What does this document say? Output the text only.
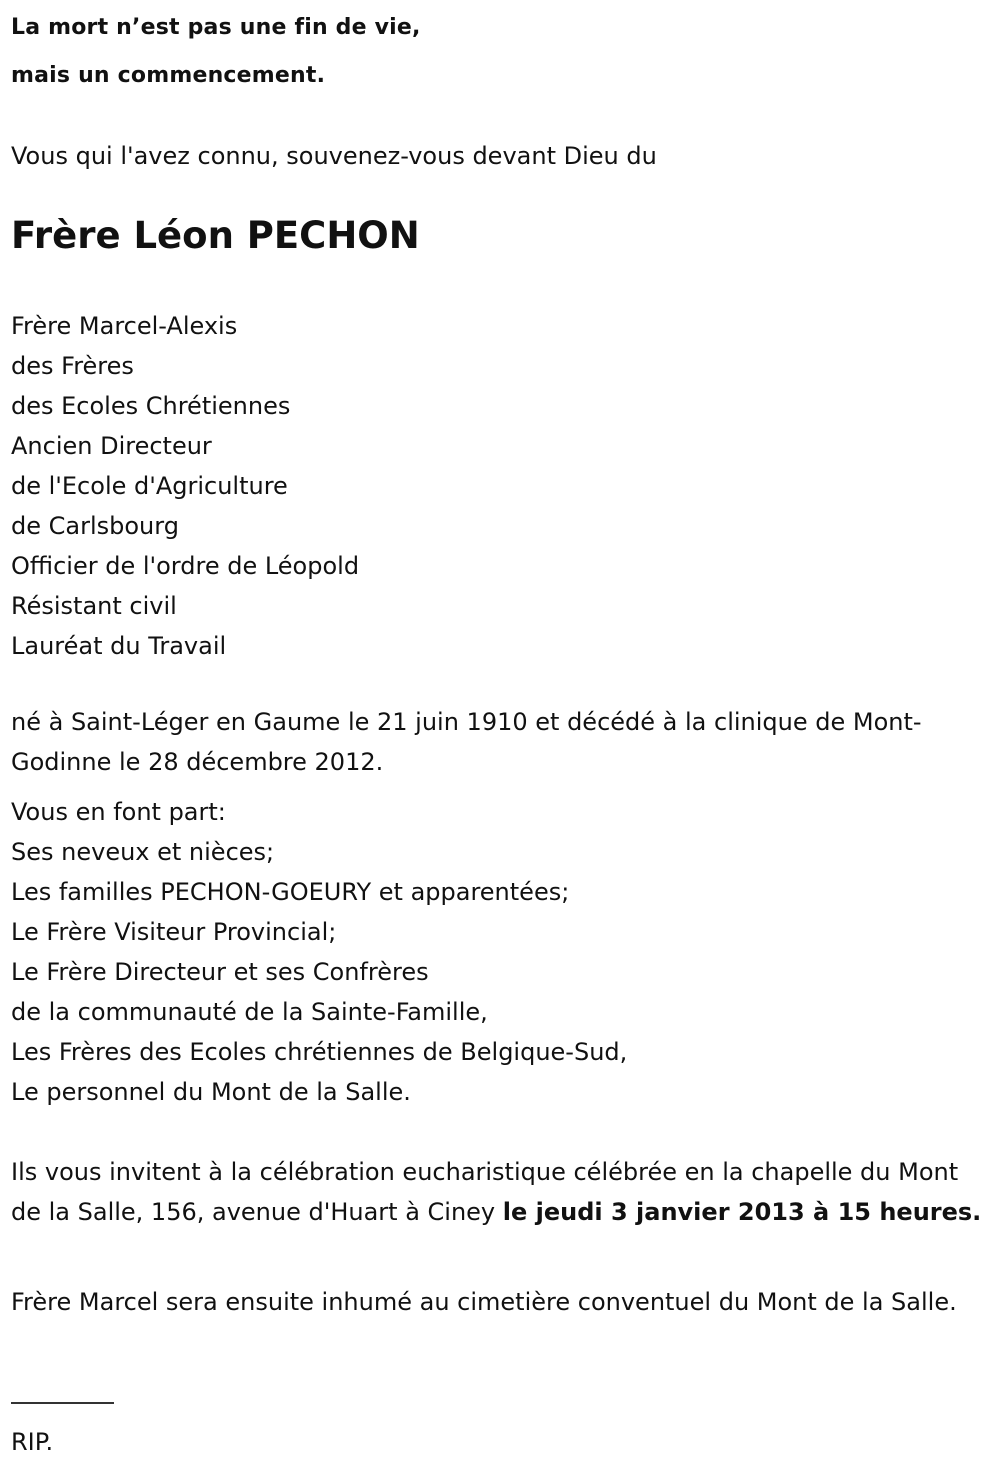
La mort n’est pas une fin de vie,

mais un commencement.

Vous qui l'avez connu, souvenez-vous devant Dieu du

Frère Léon PECHON
Frère Marcel-Alexis
des Frères
des Ecoles Chrétiennes
Ancien Directeur
de l'Ecole d'Agriculture
de Carlsbourg
Officier de l'ordre de Léopold
Résistant civil
Lauréat du Travail

né à Saint-Léger en Gaume le 21 juin 1910 et décédé à la clinique de Mont-Godinne le 28 décembre 2012.

Vous en font part:
Ses neveux et nièces;
Les familles PECHON-GOEURY et apparentées;
Le Frère Visiteur Provincial;
Le Frère Directeur et ses Confrères
de la communauté de la Sainte-Famille,
Les Frères des Ecoles chrétiennes de Belgique-Sud,
Le personnel du Mont de la Salle.

Ils vous invitent à la célébration eucharistique célébrée en la chapelle du Mont de la Salle, 156, avenue d'Huart à Ciney le jeudi 3 janvier 2013 à 15 heures.

Frère Marcel sera ensuite inhumé au cimetière conventuel du Mont de la Salle.

RIP.
